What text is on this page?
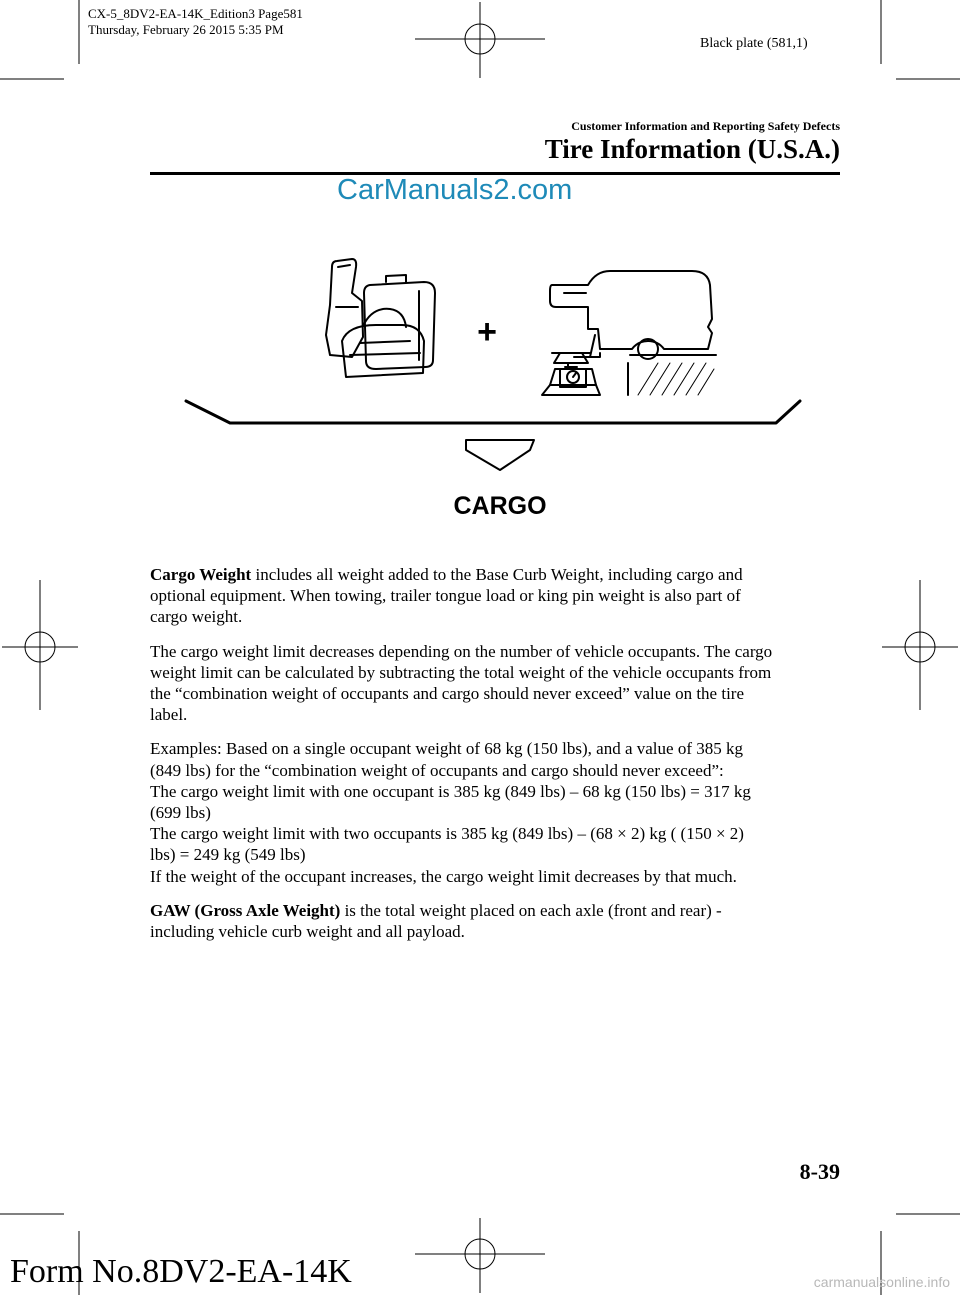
CX-5_8DV2-EA-14K_Edition3 Page581
Thursday, February 26 2015 5:35 PM
Black plate (581,1)
Customer Information and Reporting Safety Defects
Tire Information (U.S.A.)
CarManuals2.com
+
CARGO

Cargo Weight includes all weight added to the Base Curb Weight, including cargo and
optional equipment. When towing, trailer tongue load or king pin weight is also part of
cargo weight.

The cargo weight limit decreases depending on the number of vehicle occupants. The cargo
weight limit can be calculated by subtracting the total weight of the vehicle occupants from
the “combination weight of occupants and cargo should never exceed” value on the tire
label.

Examples: Based on a single occupant weight of 68 kg (150 lbs), and a value of 385 kg
(849 lbs) for the “combination weight of occupants and cargo should never exceed”:
The cargo weight limit with one occupant is 385 kg (849 lbs) – 68 kg (150 lbs) = 317 kg
(699 lbs)
The cargo weight limit with two occupants is 385 kg (849 lbs) – (68 × 2) kg ( (150 × 2)
lbs) = 249 kg (549 lbs)
If the weight of the occupant increases, the cargo weight limit decreases by that much.

GAW (Gross Axle Weight) is the total weight placed on each axle (front and rear) -
including vehicle curb weight and all payload.

8-39
Form No.8DV2-EA-14K	carmanualsonline.info
